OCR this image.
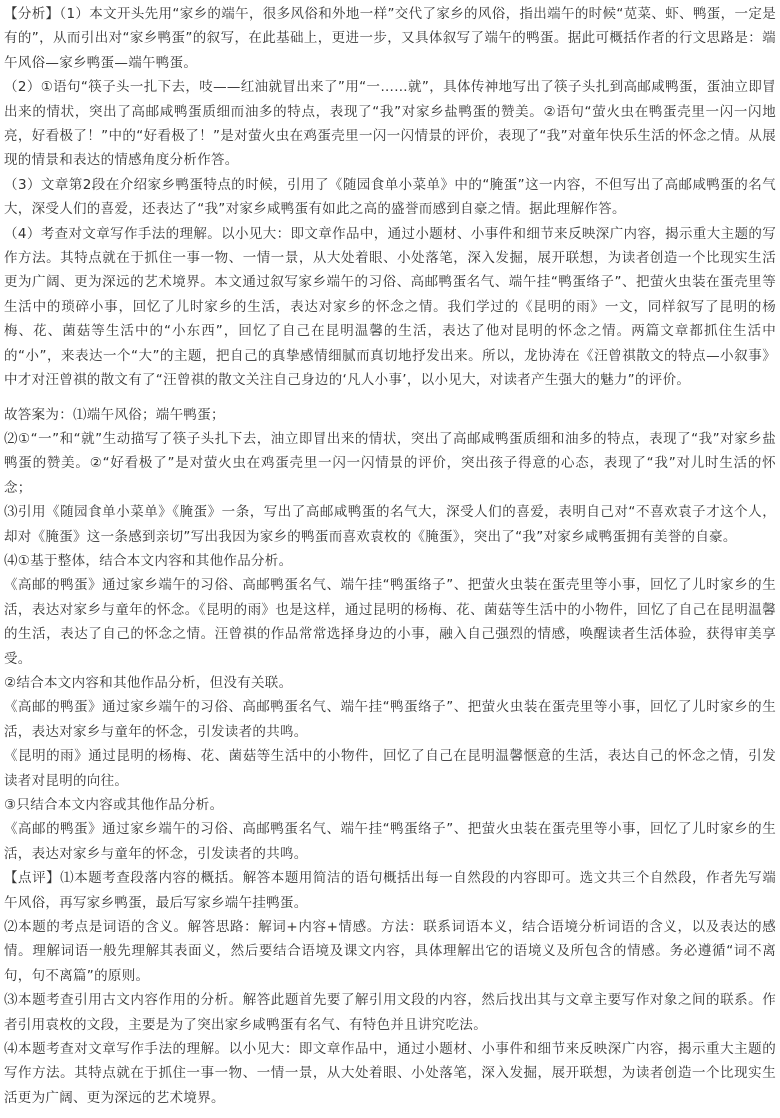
【分析】（1）本文开头先用“家乡的端午，很多风俗和外地一样”交代了家乡的风俗，指出端午的时候“苋菜、虾、鸭蛋，一定是有的”，从而引出对“家乡鸭蛋”的叙写，在此基础上，更进一步，又具体叙写了端午的鸭蛋。据此可概括作者的行文思路是：端午风俗—家乡鸭蛋—端午鸭蛋。

（2）①语句“筷子头一扎下去，吱——红油就冒出来了”用“一……就”，具体传神地写出了筷子头扎到高邮咸鸭蛋，蛋油立即冒出来的情状，突出了高邮咸鸭蛋质细而油多的特点，表现了“我”对家乡盐鸭蛋的赞美。②语句“萤火虫在鸭蛋壳里一闪一闪地亮，好看极了！”中的“好看极了！”是对萤火虫在鸡蛋壳里一闪一闪情景的评价，表现了“我”对童年快乐生活的怀念之情。从展现的情景和表达的情感角度分析作答。

（3）文章第2段在介绍家乡鸭蛋特点的时候，引用了《随园食单小菜单》中的“腌蛋”这一内容，不但写出了高邮咸鸭蛋的名气大，深受人们的喜爱，还表达了“我”对家乡咸鸭蛋有如此之高的盛誉而感到自豪之情。据此理解作答。

（4）考查对文章写作手法的理解。以小见大：即文章作品中，通过小题材、小事件和细节来反映深广内容，揭示重大主题的写作方法。其特点就在于抓住一事一物、一情一景，从大处着眼、小处落笔，深入发掘，展开联想，为读者创造一个比现实生活更为广阔、更为深远的艺术境界。本文通过叙写家乡端午的习俗、高邮鸭蛋名气、端午挂“鸭蛋络子”、把萤火虫装在蛋壳里等生活中的琐碎小事，回忆了儿时家乡的生活，表达对家乡的怀念之情。我们学过的《昆明的雨》一文，同样叙写了昆明的杨梅、花、菌菇等生活中的“小东西”，回忆了自己在昆明温馨的生活，表达了他对昆明的怀念之情。两篇文章都抓住生活中的“小”，来表达一个“大”的主题，把自己的真挚感情细腻而真切地抒发出来。所以，龙协涛在《汪曾祺散文的特点—小叙事》中才对汪曾祺的散文有了“汪曾祺的散文关注自己身边的‘凡人小事’，以小见大，对读者产生强大的魅力”的评价。

故答案为：⑴端午风俗；端午鸭蛋；

⑵①“一”和“就”生动描写了筷子头扎下去，油立即冒出来的情状，突出了高邮咸鸭蛋质细和油多的特点，表现了“我”对家乡盐鸭蛋的赞美。②“好看极了”是对萤火虫在鸡蛋壳里一闪一闪情景的评价，突出孩子得意的心态，表现了“我”对儿时生活的怀念；

⑶引用《随园食单小菜单》《腌蛋》一条，写出了高邮咸鸭蛋的名气大，深受人们的喜爱，表明自己对“不喜欢袁子才这个人，却对《腌蛋》这一条感到亲切”写出我因为家乡的鸭蛋而喜欢袁枚的《腌蛋》，突出了“我”对家乡咸鸭蛋拥有美誉的自豪。

⑷①基于整体，结合本文内容和其他作品分析。

《高邮的鸭蛋》通过家乡端午的习俗、高邮鸭蛋名气、端午挂“鸭蛋络子”、把萤火虫装在蛋壳里等小事，回忆了儿时家乡的生活，表达对家乡与童年的怀念。《昆明的雨》也是这样，通过昆明的杨梅、花、菌菇等生活中的小物件，回忆了自己在昆明温馨的生活，表达了自己的怀念之情。汪曾祺的作品常常选择身边的小事，融入自己强烈的情感，唤醒读者生活体验，获得审美享受。

②结合本文内容和其他作品分析，但没有关联。

《高邮的鸭蛋》通过家乡端午的习俗、高邮鸭蛋名气、端午挂“鸭蛋络子”、把萤火虫装在蛋壳里等小事，回忆了儿时家乡的生活，表达对家乡与童年的怀念，引发读者的共鸣。

《昆明的雨》通过昆明的杨梅、花、菌菇等生活中的小物件，回忆了自己在昆明温馨惬意的生活，表达自己的怀念之情，引发读者对昆明的向往。

③只结合本文内容或其他作品分析。

《高邮的鸭蛋》通过家乡端午的习俗、高邮鸭蛋名气、端午挂“鸭蛋络子”、把萤火虫装在蛋壳里等小事，回忆了儿时家乡的生活，表达对家乡与童年的怀念，引发读者的共鸣。

【点评】⑴本题考查段落内容的概括。解答本题用简洁的语句概括出每一自然段的内容即可。选文共三个自然段，作者先写端午风俗，再写家乡鸭蛋，最后写家乡端午挂鸭蛋。

⑵本题的考点是词语的含义。解答思路：解词+内容+情感。方法：联系词语本义，结合语境分析词语的含义，以及表达的感情。理解词语一般先理解其表面义，然后要结合语境及课文内容，具体理解出它的语境义及所包含的情感。务必遵循“词不离句，句不离篇”的原则。

⑶本题考查引用古文内容作用的分析。解答此题首先要了解引用文段的内容，然后找出其与文章主要写作对象之间的联系。作者引用袁枚的文段，主要是为了突出家乡咸鸭蛋有名气、有特色并且讲究吃法。

⑷本题考查对文章写作手法的理解。以小见大：即文章作品中，通过小题材、小事件和细节来反映深广内容，揭示重大主题的写作方法。其特点就在于抓住一事一物、一情一景，从大处着眼、小处落笔，深入发掘，展开联想，为读者创造一个比现实生活更为广阔、更为深远的艺术境界。
